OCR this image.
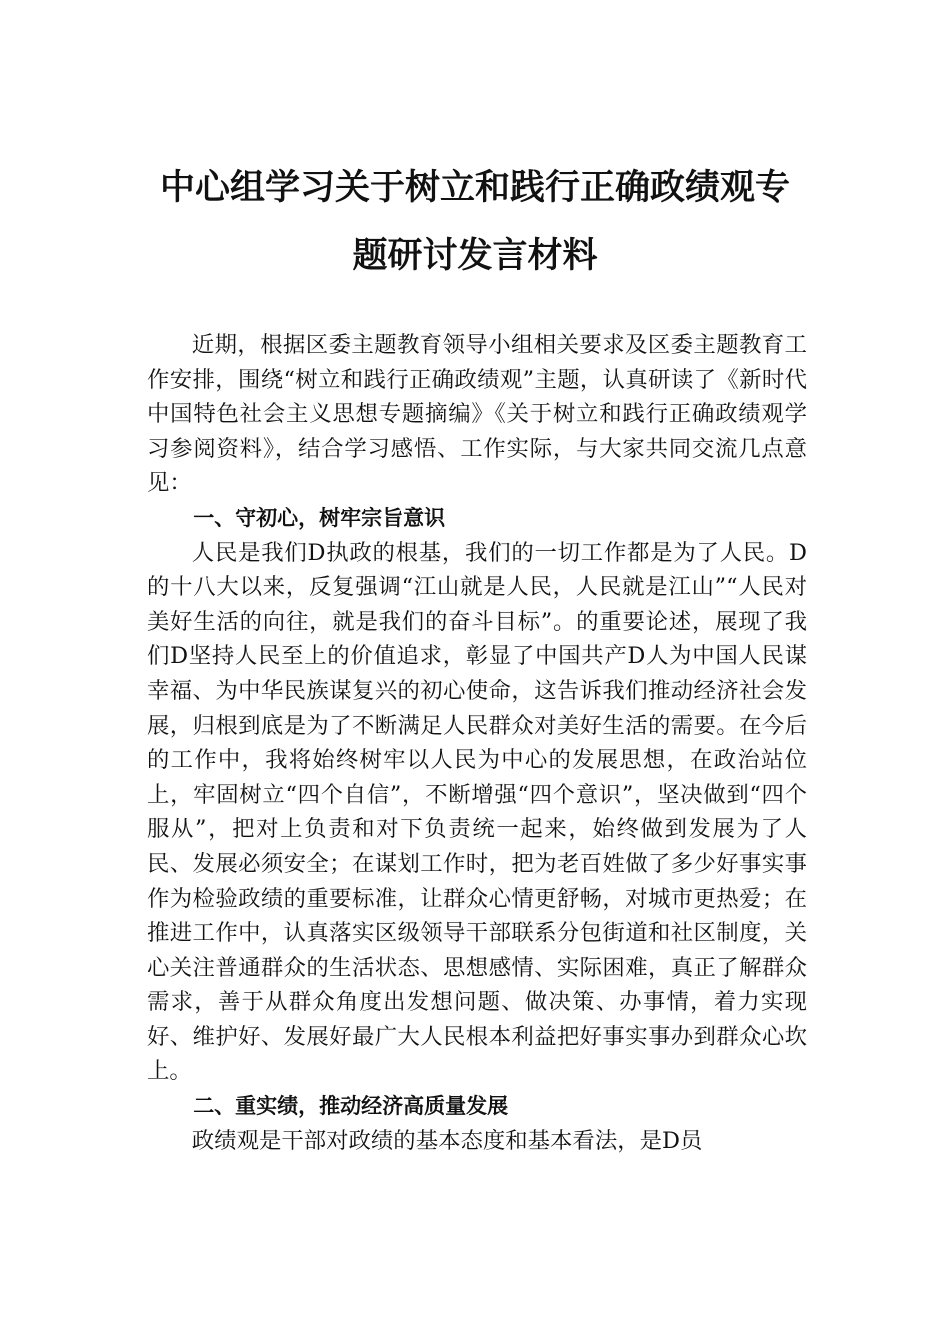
中心组学习关于树立和践行正确政绩观专
题研讨发言材料

近期，根据区委主题教育领导小组相关要求及区委主题教育工作安排，围绕“树立和践行正确政绩观”主题，认真研读了《新时代中国特色社会主义思想专题摘编》《关于树立和践行正确政绩观学习参阅资料》，结合学习感悟、工作实际，与大家共同交流几点意见：

一、守初心，树牢宗旨意识

人民是我们D执政的根基，我们的一切工作都是为了人民。D的十八大以来，反复强调“江山就是人民，人民就是江山”“人民对美好生活的向往，就是我们的奋斗目标”。的重要论述，展现了我们D坚持人民至上的价值追求，彰显了中国共产D人为中国人民谋幸福、为中华民族谋复兴的初心使命，这告诉我们推动经济社会发展，归根到底是为了不断满足人民群众对美好生活的需要。在今后的工作中，我将始终树牢以人民为中心的发展思想，在政治站位上，牢固树立“四个自信”，不断增强“四个意识”，坚决做到“四个服从”，把对上负责和对下负责统一起来，始终做到发展为了人民、发展必须安全；在谋划工作时，把为老百姓做了多少好事实事作为检验政绩的重要标准，让群众心情更舒畅，对城市更热爱；在推进工作中，认真落实区级领导干部联系分包街道和社区制度，关心关注普通群众的生活状态、思想感情、实际困难，真正了解群众需求，善于从群众角度出发想问题、做决策、办事情，着力实现好、维护好、发展好最广大人民根本利益把好事实事办到群众心坎上。

二、重实绩，推动经济高质量发展

政绩观是干部对政绩的基本态度和基本看法，是D员
